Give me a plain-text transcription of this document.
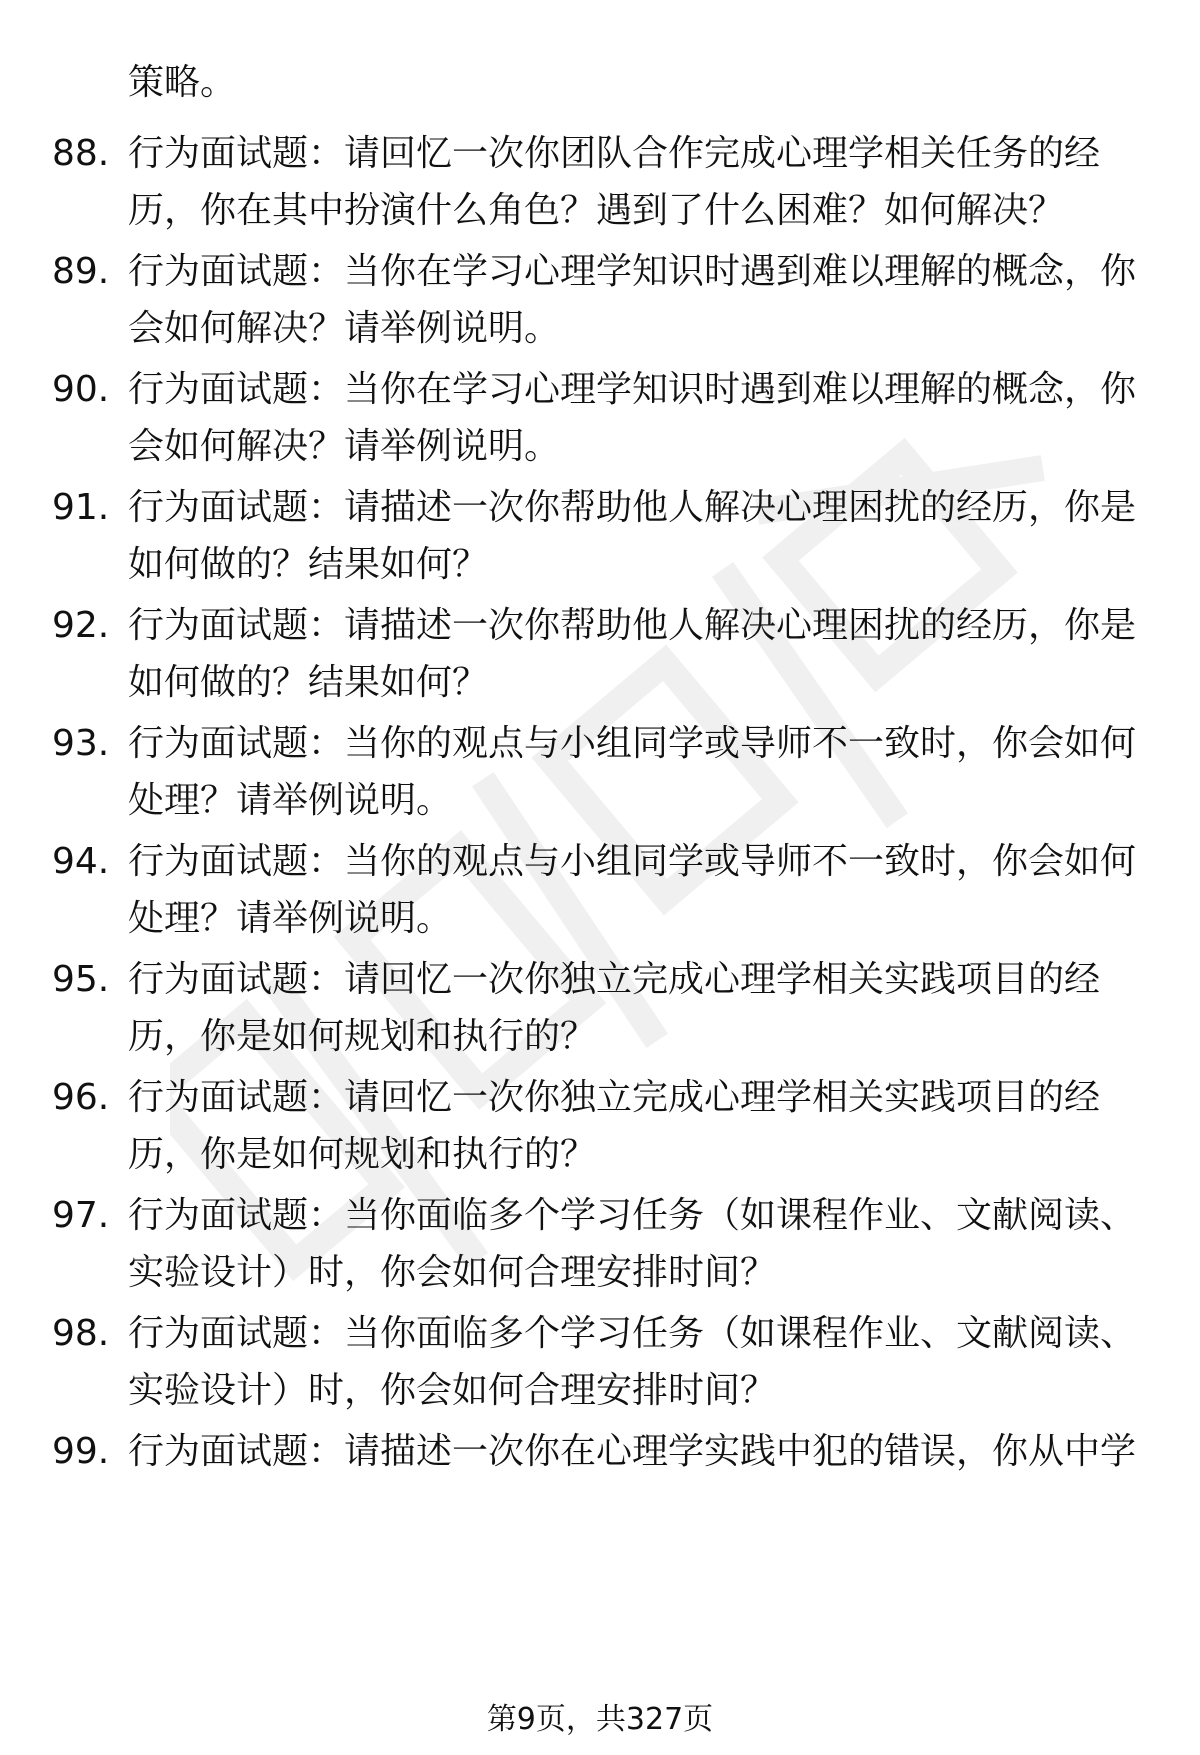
策略。
88. 行为面试题：请回忆一次你团队合作完成心理学相关任务的经
历，你在其中扮演什么角色？遇到了什么困难？如何解决？
89. 行为面试题：当你在学习心理学知识时遇到难以理解的概念，你
会如何解决？请举例说明。
90. 行为面试题：当你在学习心理学知识时遇到难以理解的概念，你
会如何解决？请举例说明。
91. 行为面试题：请描述一次你帮助他人解决心理困扰的经历，你是
如何做的？结果如何？
92. 行为面试题：请描述一次你帮助他人解决心理困扰的经历，你是
如何做的？结果如何？
93. 行为面试题：当你的观点与小组同学或导师不一致时，你会如何
处理？请举例说明。
94. 行为面试题：当你的观点与小组同学或导师不一致时，你会如何
处理？请举例说明。
95. 行为面试题：请回忆一次你独立完成心理学相关实践项目的经
历，你是如何规划和执行的？
96. 行为面试题：请回忆一次你独立完成心理学相关实践项目的经
历，你是如何规划和执行的？
97. 行为面试题：当你面临多个学习任务（如课程作业、文献阅读、
实验设计）时，你会如何合理安排时间？
98. 行为面试题：当你面临多个学习任务（如课程作业、文献阅读、
实验设计）时，你会如何合理安排时间？
99. 行为面试题：请描述一次你在心理学实践中犯的错误，你从中学
第9页，共327页
